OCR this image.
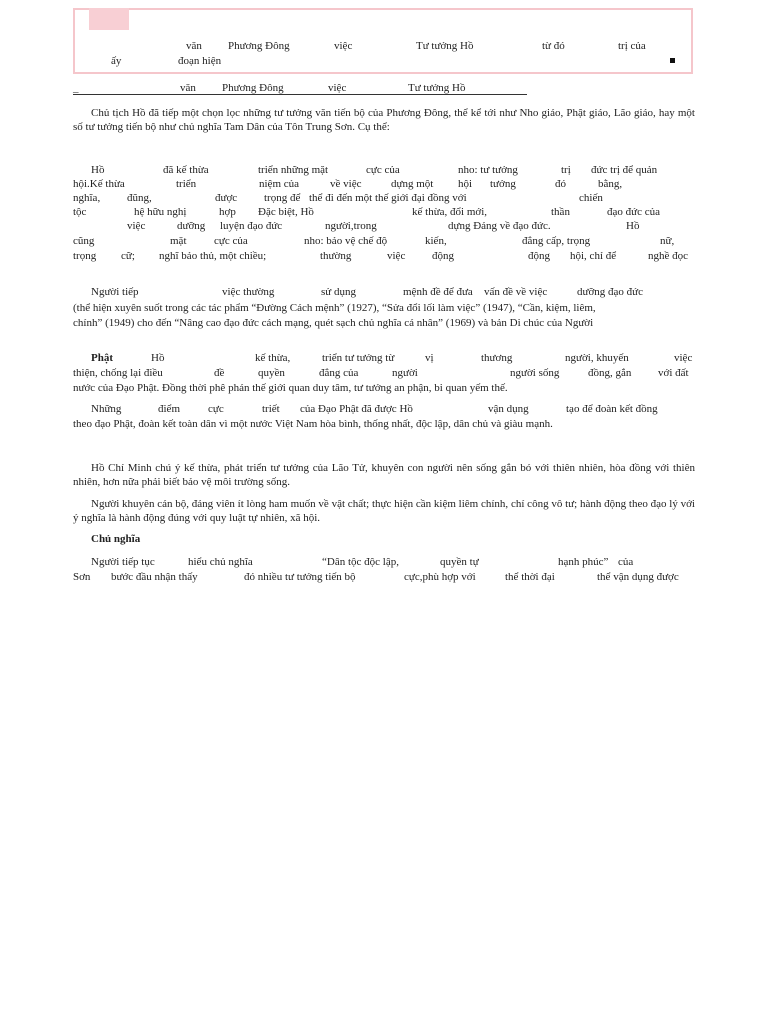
văn Phương Đông	việc	Tư tưởng Hồ	từ đó	trị của
ấy	đoạn hiện
_	văn Phương Đông	việc	Tư tưởng Hồ
Chủ tịch Hồ đã tiếp một chọn lọc những tư tưởng văn tiến bộ của Phương Đông, thể kể tới như Nho giáo, Phật giáo, Lão giáo, hay một số tư tưởng tiến bộ như chủ nghĩa Tam Dân của Tôn Trung Sơn. Cụ thể:
Hồ	đã kế thừa	triển những mặt	cực của	nho: tư tưởng	trị đức trị để quản
hội.Kế thừa	triển	niệm của	về việc	dựng một hội tưởng	đó	bằng,
nghĩa, đũng,	được trọng để thể đi đến một thế giới đại đồng với	chiến
tộc	hệ hữu nghị	hợp Đặc biệt, Hồ	kế thừa, đổi mới,	thần	đạo đức của
việc	dưỡng luyện đạo đức	người,trong	dựng Đảng về đạo đức.	Hồ
cũng	mặt	cực của	nho: bảo vệ chế độ	kiến,	đẳng cấp, trọng	nữ,
trọng cữ; nghĩ bảo thủ, một chiều;	thường	việc động	động hội, chỉ để	nghề đọc
Người tiếp	việc thường	sử dụng	mệnh đề để đưa vấn đề về việc	dưỡng đạo đức
(thể hiện xuyên suốt trong các tác phẩm “Đường Cách mệnh” (1927), “Sửa đổi lối làm việc” (1947), “Cần, kiệm, liêm,
chính” (1949) cho đến “Nâng cao đạo đức cách mạng, quét sạch chủ nghĩa cá nhân” (1969) và bản Di chúc của Người
Phật	Hồ	kế thừa,	triển tư tưởng từ	vị	thương	người, khuyến	việc
thiện, chống lại điều	đề	quyền	đẳng của	người	người sống	đồng, gắn với đất
nước của Đạo Phật. Đồng thời phê phán thế giới quan duy tâm, tư tưởng an phận, bi quan yếm thế.
Những	điểm	cực	triết của Đạo Phật đã được Hồ	vận dụng	tạo để đoàn kết đồng
theo đạo Phật, đoàn kết toàn dân vì một nước Việt Nam hòa bình, thống nhất, độc lập, dân chủ và giàu mạnh.
Hồ Chí Minh chú ý kế thừa, phát triển tư tưởng của Lão Tử, khuyên con người nên sống gắn bó với thiên nhiên, hòa đồng với thiên nhiên, hơn nữa phải biết bảo vệ môi trường sống.
Người khuyên cán bộ, đảng viên ít lòng ham muốn về vật chất; thực hiện cần kiệm liêm chính, chí công vô tư; hành động theo đạo lý với ý nghĩa là hành động đúng với quy luật tự nhiên, xã hội.
Chủ nghĩa
Người tiếp tục	hiểu chủ nghĩa	“Dân tộc độc lập,	quyền tự	hạnh phúc” của
Sơn bước đầu nhận thấy	đó nhiều tư tưởng tiến bộ	cực,phù hợp với	thể thời đại	thể vận dụng được
